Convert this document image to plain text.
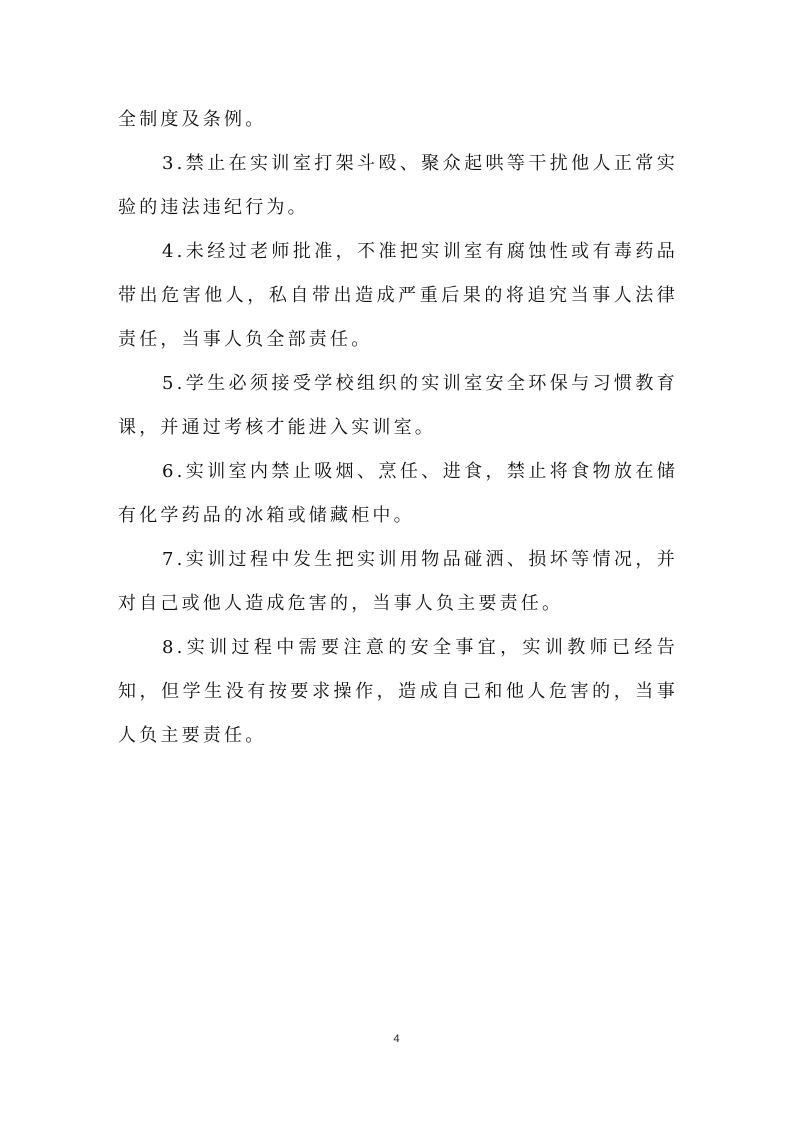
全制度及条例。

3.禁止在实训室打架斗殴、聚众起哄等干扰他人正常实验的违法违纪行为。

4.未经过老师批准，不准把实训室有腐蚀性或有毒药品带出危害他人，私自带出造成严重后果的将追究当事人法律责任，当事人负全部责任。

5.学生必须接受学校组织的实训室安全环保与习惯教育课，并通过考核才能进入实训室。

6.实训室内禁止吸烟、烹任、进食，禁止将食物放在储有化学药品的冰箱或储藏柜中。

7.实训过程中发生把实训用物品碰洒、损坏等情况，并对自己或他人造成危害的，当事人负主要责任。

8.实训过程中需要注意的安全事宜，实训教师已经告知，但学生没有按要求操作，造成自己和他人危害的，当事人负主要责任。

4
